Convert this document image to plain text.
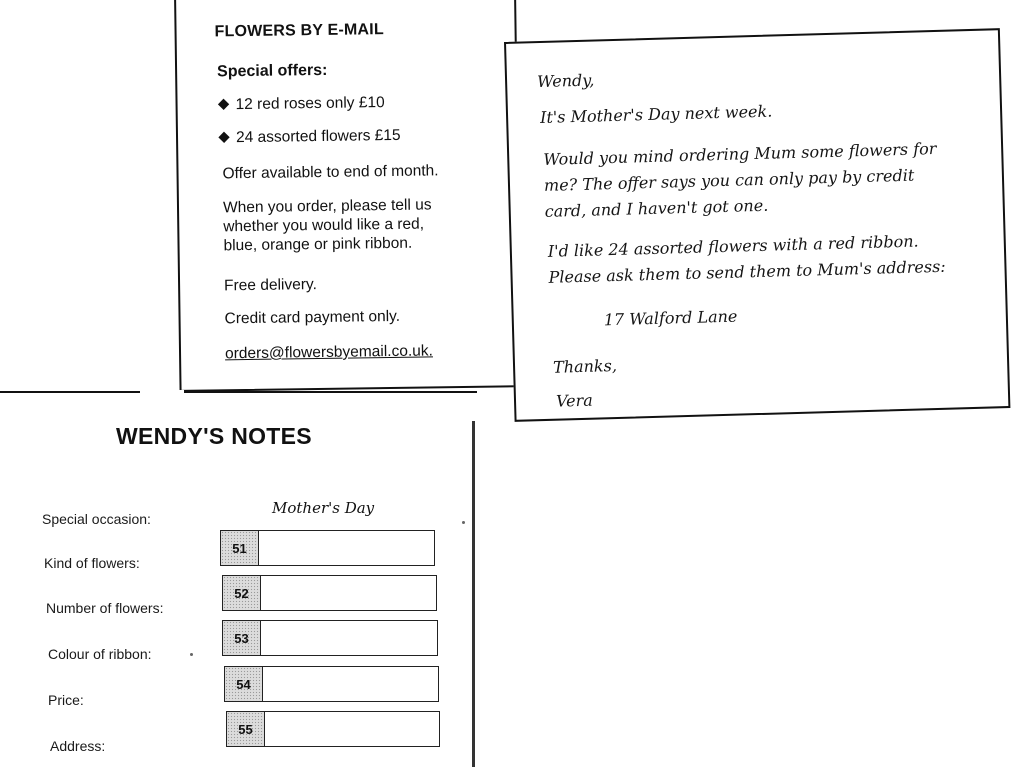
FLOWERS BY E-MAIL
Special offers:
12 red roses only £10
24 assorted flowers £15
Offer available to end of month.
When you order, please tell us
whether you would like a red,
blue, orange or pink ribbon.
Free delivery.
Credit card payment only.
orders@flowersbyemail.co.uk.
Wendy,
It's Mother's Day next week.
Would you mind ordering Mum some flowers for
me? The offer says you can only pay by credit
card, and I haven't got one.
I'd like 24 assorted flowers with a red ribbon.
Please ask them to send them to Mum's address:
17 Walford Lane
Thanks,
Vera
WENDY'S NOTES
Special occasion:
Mother's Day
Kind of flowers:
51
Number of flowers:
52
Colour of ribbon:
53
Price:
54
Address:
55
